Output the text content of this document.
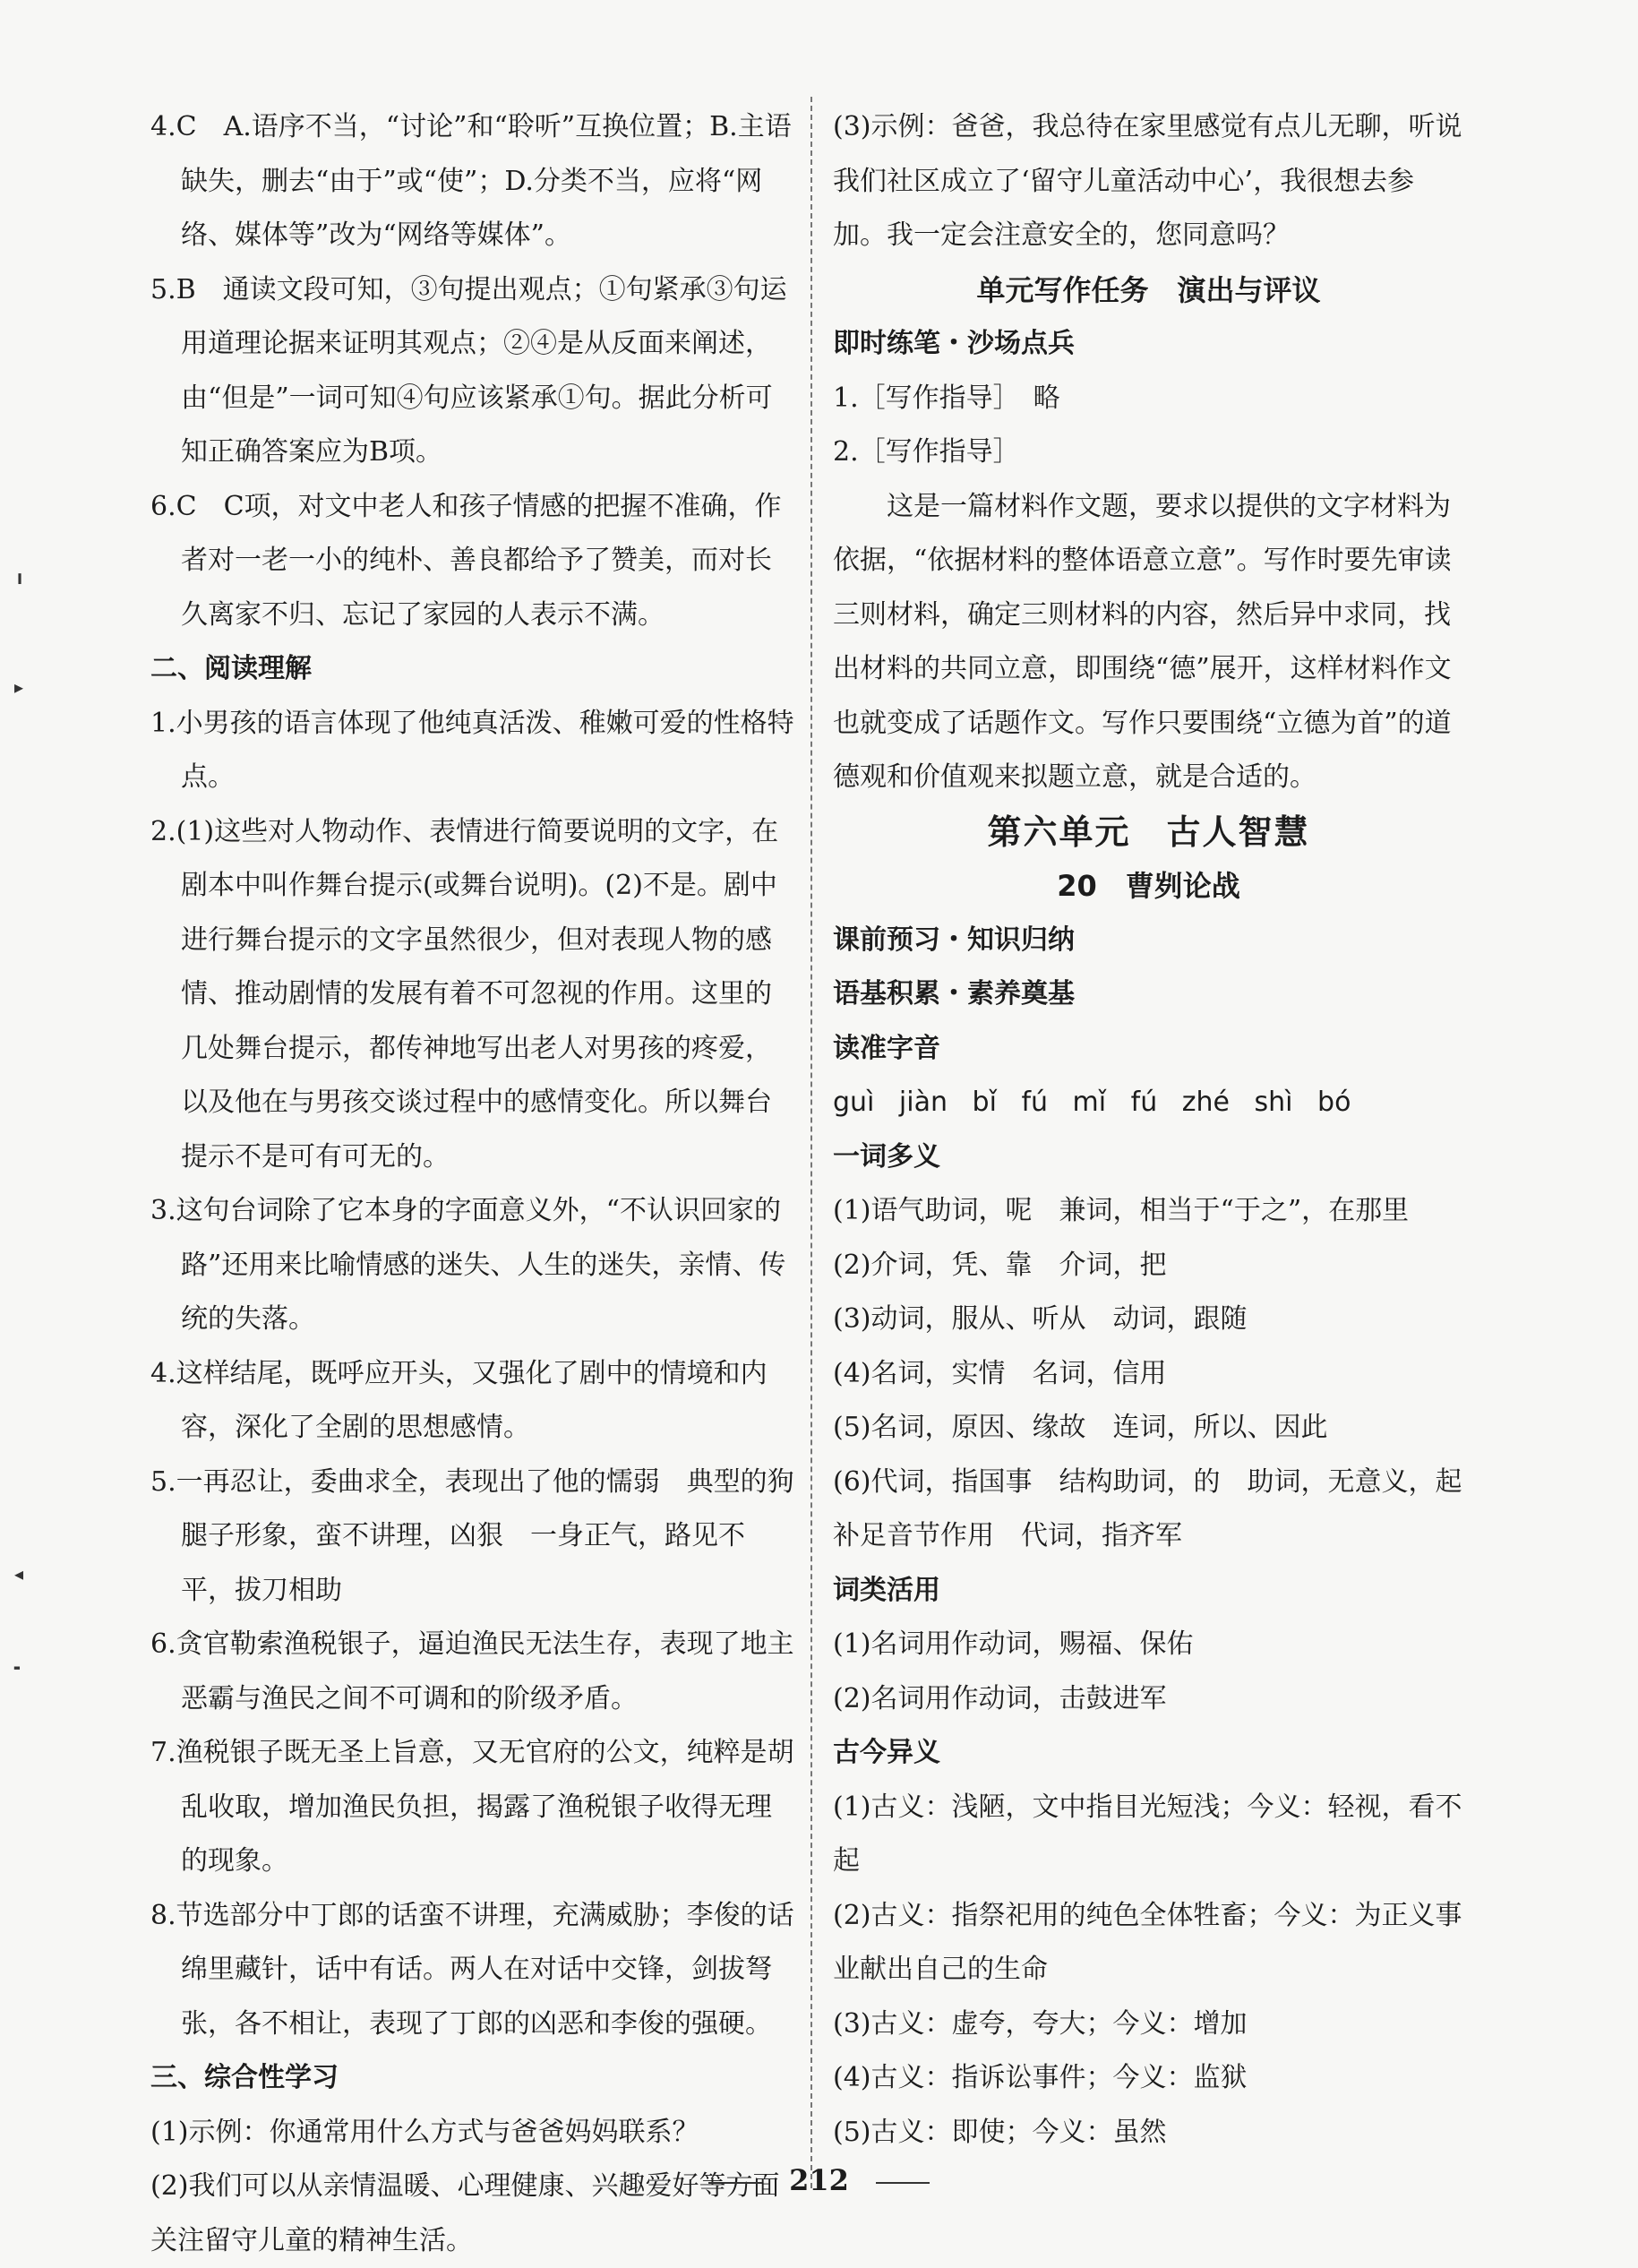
4.C　A.语序不当，“讨论”和“聆听”互换位置；B.主语缺失，删去“由于”或“使”；D.分类不当，应将“网络、媒体等”改为“网络等媒体”。

5.B　通读文段可知，③句提出观点；①句紧承③句运用道理论据来证明其观点；②④是从反面来阐述，由“但是”一词可知④句应该紧承①句。据此分析可知正确答案应为B项。

6.C　C项，对文中老人和孩子情感的把握不准确，作者对一老一小的纯朴、善良都给予了赞美，而对长久离家不归、忘记了家园的人表示不满。

二、阅读理解

1.小男孩的语言体现了他纯真活泼、稚嫩可爱的性格特点。

2.(1)这些对人物动作、表情进行简要说明的文字，在剧本中叫作舞台提示(或舞台说明)。(2)不是。剧中进行舞台提示的文字虽然很少，但对表现人物的感情、推动剧情的发展有着不可忽视的作用。这里的几处舞台提示，都传神地写出老人对男孩的疼爱，以及他在与男孩交谈过程中的感情变化。所以舞台提示不是可有可无的。

3.这句台词除了它本身的字面意义外，“不认识回家的路”还用来比喻情感的迷失、人生的迷失，亲情、传统的失落。

4.这样结尾，既呼应开头，又强化了剧中的情境和内容，深化了全剧的思想感情。

5.一再忍让，委曲求全，表现出了他的懦弱　典型的狗腿子形象，蛮不讲理，凶狠　一身正气，路见不平，拔刀相助

6.贪官勒索渔税银子，逼迫渔民无法生存，表现了地主恶霸与渔民之间不可调和的阶级矛盾。

7.渔税银子既无圣上旨意，又无官府的公文，纯粹是胡乱收取，增加渔民负担，揭露了渔税银子收得无理的现象。

8.节选部分中丁郎的话蛮不讲理，充满威胁；李俊的话绵里藏针，话中有话。两人在对话中交锋，剑拔弩张，各不相让，表现了丁郎的凶恶和李俊的强硬。

三、综合性学习

(1)示例：你通常用什么方式与爸爸妈妈联系？

(2)我们可以从亲情温暖、心理健康、兴趣爱好等方面关注留守儿童的精神生活。

(3)示例：爸爸，我总待在家里感觉有点儿无聊，听说我们社区成立了‘留守儿童活动中心’，我很想去参加。我一定会注意安全的，您同意吗？

单元写作任务　演出与评议

即时练笔・沙场点兵

1.［写作指导］　略

2.［写作指导］

这是一篇材料作文题，要求以提供的文字材料为依据，“依据材料的整体语意立意”。写作时要先审读三则材料，确定三则材料的内容，然后异中求同，找出材料的共同立意，即围绕“德”展开，这样材料作文也就变成了话题作文。写作只要围绕“立德为首”的道德观和价值观来拟题立意，就是合适的。

第六单元　古人智慧

20　曹刿论战

课前预习・知识归纳

语基积累・素养奠基

读准字音

guì jiàn bǐ fú mǐ fú zhé shì bó

一词多义

(1)语气助词，呢　兼词，相当于“于之”，在那里

(2)介词，凭、靠　介词，把

(3)动词，服从、听从　动词，跟随

(4)名词，实情　名词，信用

(5)名词，原因、缘故　连词，所以、因此

(6)代词，指国事　结构助词，的　助词，无意义，起补足音节作用　代词，指齐军

词类活用

(1)名词用作动词，赐福、保佑

(2)名词用作动词，击鼓进军

古今异义

(1)古义：浅陋，文中指目光短浅；今义：轻视，看不起

(2)古义：指祭祀用的纯色全体牲畜；今义：为正义事业献出自己的生命

(3)古义：虚夸，夸大；今义：增加

(4)古义：指诉讼事件；今义：监狱

(5)古义：即使；今义：虽然

╹
▸
◂
╸
212
